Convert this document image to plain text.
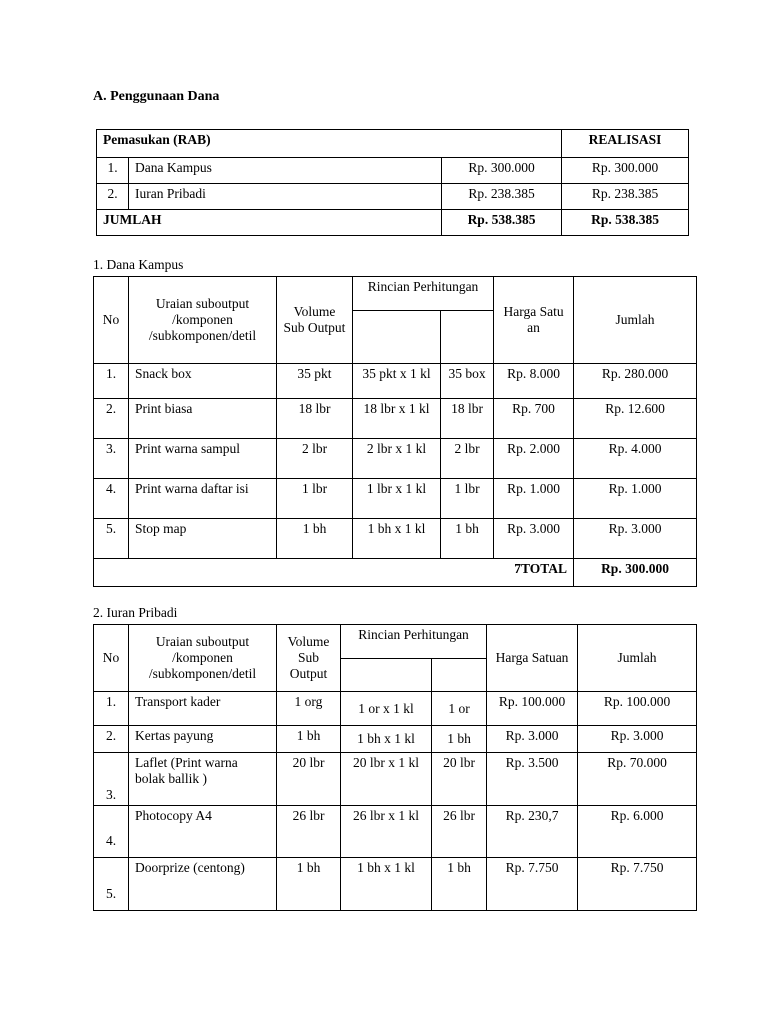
A. Penggunaan Dana
Pemasukan (RAB)			REALISASI
1.	Dana Kampus	Rp. 300.000	Rp. 300.000
2.	Iuran Pribadi	Rp. 238.385	Rp. 238.385
JUMLAH		Rp. 538.385	Rp. 538.385
1. Dana Kampus
No	Uraian suboutput /komponen /subkomponen/detil	Volume Sub Output	Rincian Perhitungan		Harga Satu an	Jumlah

1.	Snack box	35 pkt	35 pkt x 1 kl	35 box	Rp. 8.000	Rp. 280.000
2.	Print biasa	18 lbr	18 lbr x 1 kl	18 lbr	Rp. 700	Rp. 12.600
3.	Print warna sampul	2 lbr	2 lbr x 1 kl	2 lbr	Rp. 2.000	Rp. 4.000
4.	Print warna daftar isi	1 lbr	1 lbr x 1 kl	1 lbr	Rp. 1.000	Rp. 1.000
5.	Stop map	1 bh	1 bh x 1 kl	1 bh	Rp. 3.000	Rp. 3.000
7TOTAL						Rp. 300.000
2. Iuran Pribadi
No	Uraian suboutput /komponen /subkomponen/detil	Volume Sub Output	Rincian Perhitungan		Harga Satuan	Jumlah

1.	Transport kader	1 org	1 or x 1 kl	1 or	Rp. 100.000	Rp. 100.000
2.	Kertas payung	1 bh	1 bh x 1 kl	1 bh	Rp. 3.000	Rp. 3.000
3.	Laflet (Print warna bolak ballik )	20 lbr	20 lbr x 1 kl	20 lbr	Rp. 3.500	Rp. 70.000
4.	Photocopy A4	26 lbr	26 lbr x 1 kl	26 lbr	Rp. 230,7	Rp. 6.000
5.	Doorprize (centong)	1 bh	1 bh x 1 kl	1 bh	Rp. 7.750	Rp. 7.750
